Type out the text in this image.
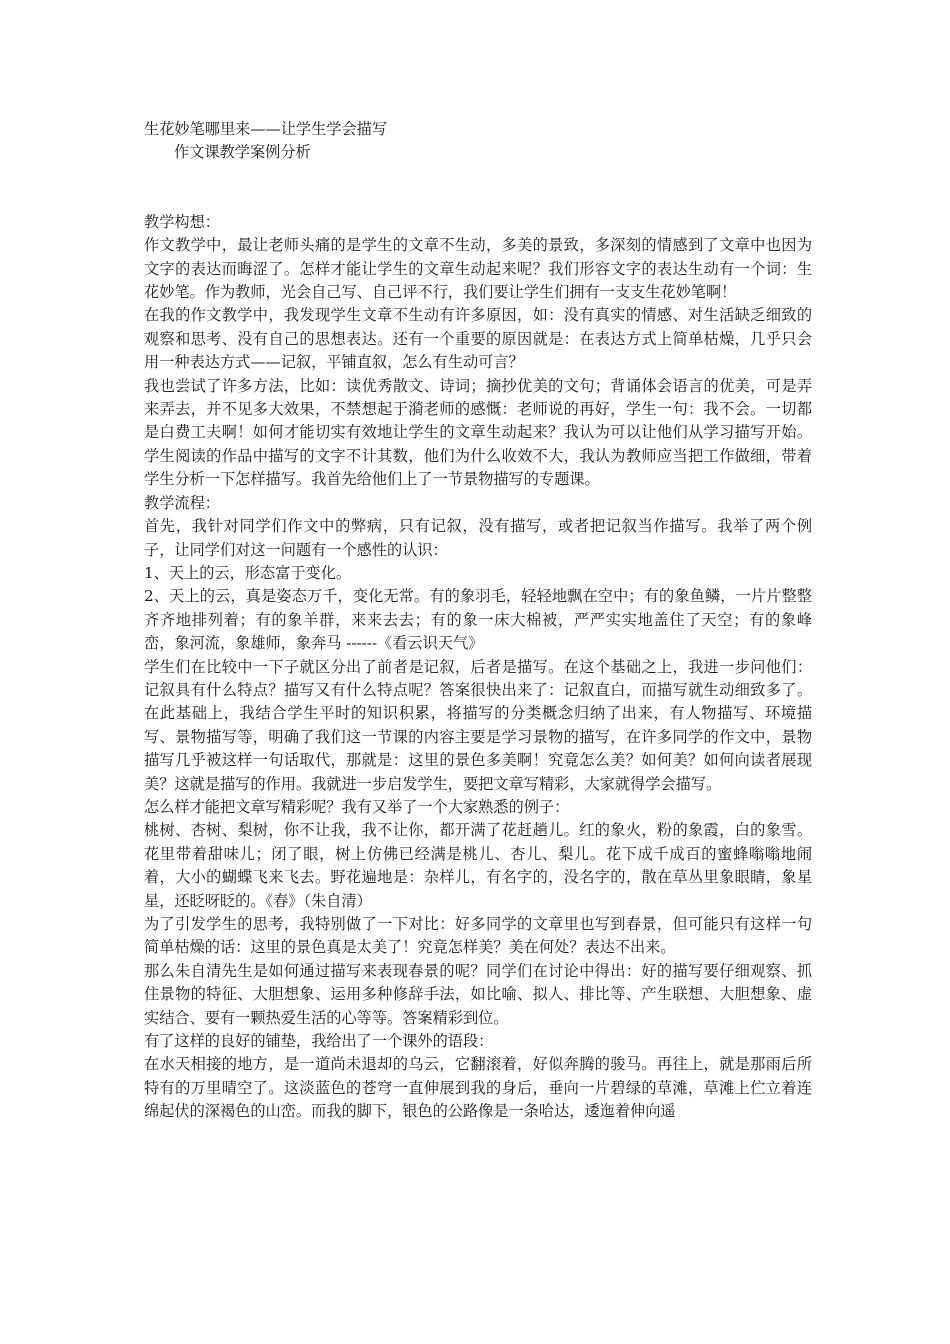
生花妙笔哪里来——让学生学会描写

作文课教学案例分析

教学构想：

作文教学中，最让老师头痛的是学生的文章不生动，多美的景致，多深刻的情感到了文章中也因为文字的表达而晦涩了。怎样才能让学生的文章生动起来呢？我们形容文字的表达生动有一个词：生花妙笔。作为教师，光会自己写、自己评不行，我们要让学生们拥有一支支生花妙笔啊！

在我的作文教学中，我发现学生文章不生动有许多原因，如：没有真实的情感、对生活缺乏细致的观察和思考、没有自己的思想表达。还有一个重要的原因就是：在表达方式上简单枯燥，几乎只会用一种表达方式——记叙，平铺直叙，怎么有生动可言？

我也尝试了许多方法，比如：读优秀散文、诗词；摘抄优美的文句；背诵体会语言的优美，可是弄来弄去，并不见多大效果，不禁想起于漪老师的感慨：老师说的再好，学生一句：我不会。一切都是白费工夫啊！如何才能切实有效地让学生的文章生动起来？我认为可以让他们从学习描写开始。学生阅读的作品中描写的文字不计其数，他们为什么收效不大，我认为教师应当把工作做细，带着学生分析一下怎样描写。我首先给他们上了一节景物描写的专题课。

教学流程：

首先，我针对同学们作文中的弊病，只有记叙，没有描写，或者把记叙当作描写。我举了两个例子，让同学们对这一问题有一个感性的认识：

1、天上的云，形态富于变化。

2、天上的云，真是姿态万千，变化无常。有的象羽毛，轻轻地飘在空中；有的象鱼鳞，一片片整整齐齐地排列着；有的象羊群，来来去去；有的象一床大棉被，严严实实地盖住了天空；有的象峰峦，象河流，象雄师，象奔马 ------《看云识天气》

学生们在比较中一下子就区分出了前者是记叙，后者是描写。在这个基础之上，我进一步问他们：记叙具有什么特点？描写又有什么特点呢？答案很快出来了：记叙直白，而描写就生动细致多了。在此基础上，我结合学生平时的知识积累，将描写的分类概念归纳了出来，有人物描写、环境描写、景物描写等，明确了我们这一节课的内容主要是学习景物的描写，在许多同学的作文中，景物描写几乎被这样一句话取代，那就是：这里的景色多美啊！究竟怎么美？如何美？如何向读者展现美？这就是描写的作用。我就进一步启发学生，要把文章写精彩，大家就得学会描写。

怎么样才能把文章写精彩呢？我有又举了一个大家熟悉的例子：

桃树、杏树、梨树，你不让我，我不让你，都开满了花赶趟儿。红的象火，粉的象霞，白的象雪。花里带着甜味儿；闭了眼，树上仿佛已经满是桃儿、杏儿、梨儿。花下成千成百的蜜蜂嗡嗡地闹着，大小的蝴蝶飞来飞去。野花遍地是：杂样儿，有名字的，没名字的，散在草丛里象眼睛，象星星，还眨呀眨的。《春》（朱自清）

为了引发学生的思考，我特别做了一下对比：好多同学的文章里也写到春景，但可能只有这样一句简单枯燥的话：这里的景色真是太美了！究竟怎样美？美在何处？表达不出来。

那么朱自清先生是如何通过描写来表现春景的呢？同学们在讨论中得出：好的描写要仔细观察、抓住景物的特征、大胆想象、运用多种修辞手法，如比喻、拟人、排比等、产生联想、大胆想象、虚实结合、要有一颗热爱生活的心等等。答案精彩到位。

有了这样的良好的铺垫，我给出了一个课外的语段：

在水天相接的地方，是一道尚未退却的乌云，它翻滚着，好似奔腾的骏马。再往上，就是那雨后所特有的万里晴空了。这淡蓝色的苍穹一直伸展到我的身后，垂向一片碧绿的草滩，草滩上伫立着连绵起伏的深褐色的山峦。而我的脚下，银色的公路像是一条哈达，逶迤着伸向遥
